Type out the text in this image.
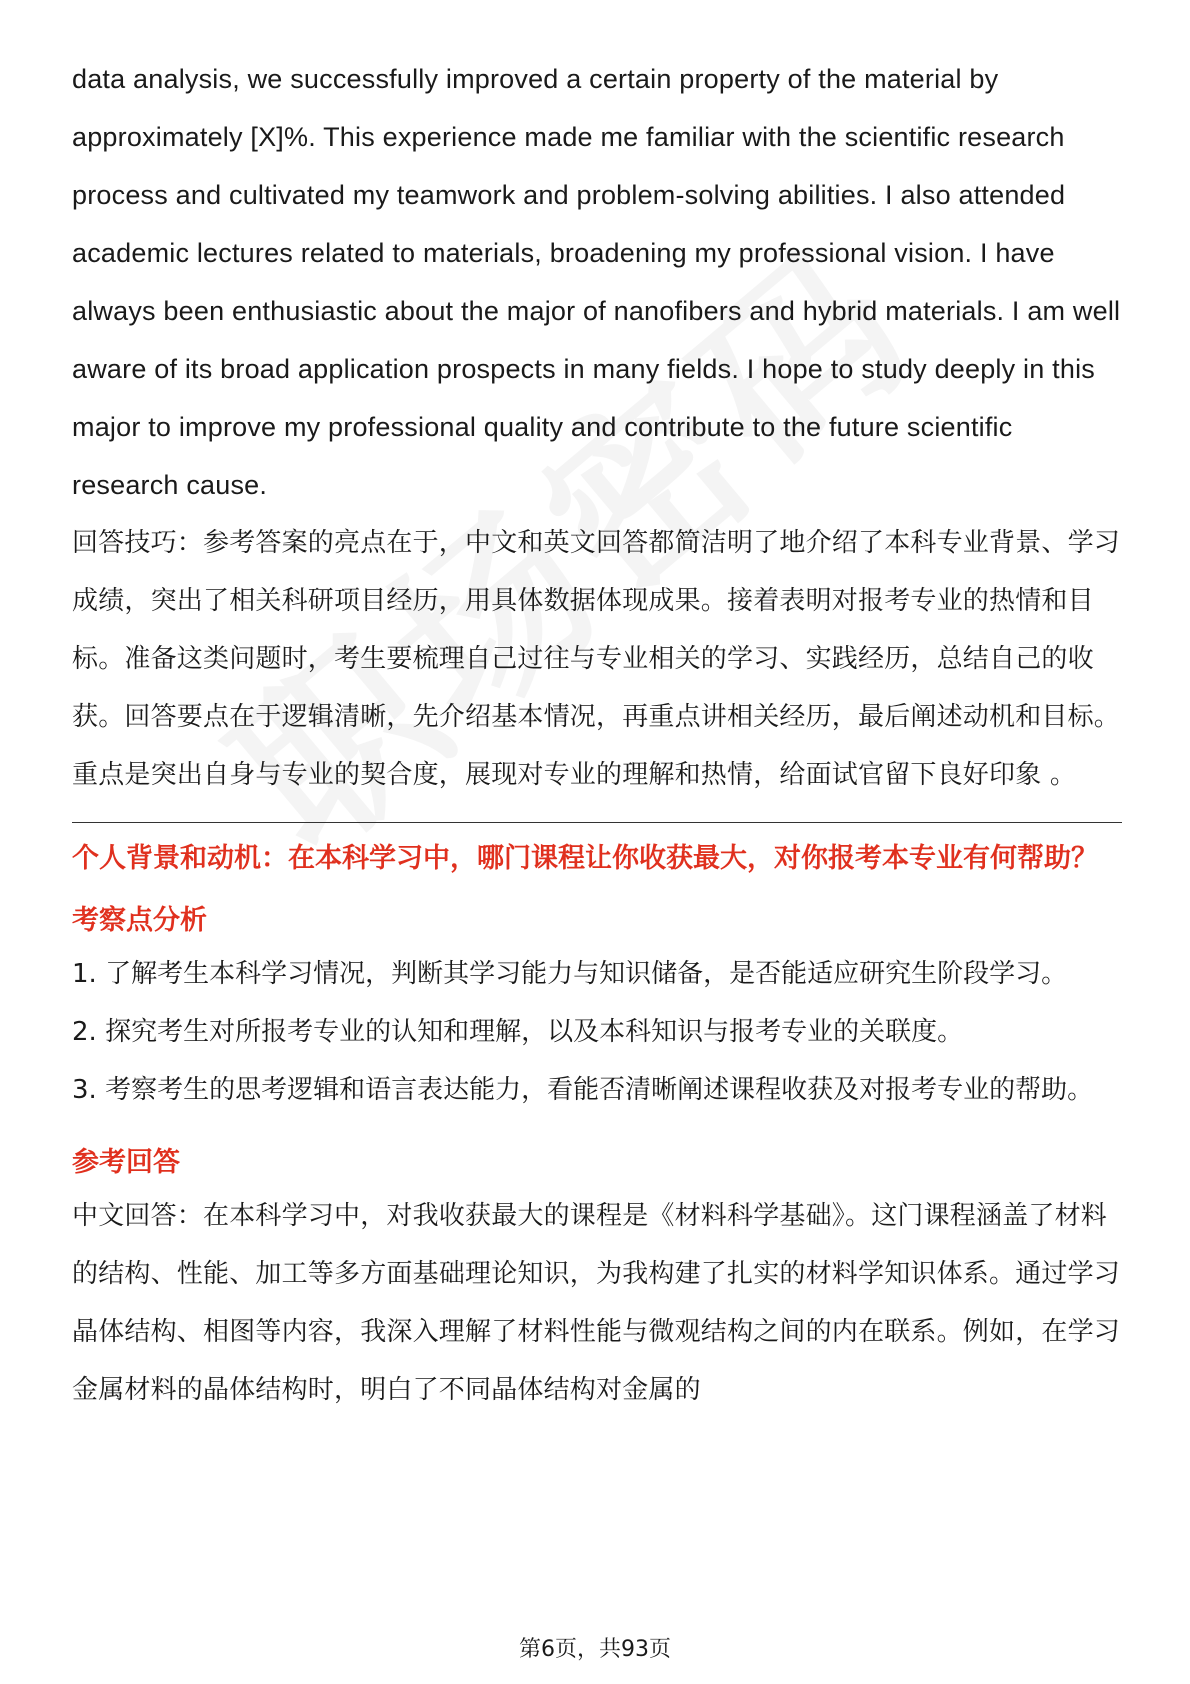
data analysis, we successfully improved a certain property of the material by approximately [X]%. This experience made me familiar with the scientific research process and cultivated my teamwork and problem-solving abilities. I also attended academic lectures related to materials, broadening my professional vision. I have always been enthusiastic about the major of nanofibers and hybrid materials. I am well aware of its broad application prospects in many fields. I hope to study deeply in this major to improve my professional quality and contribute to the future scientific research cause.

回答技巧：参考答案的亮点在于，中文和英文回答都简洁明了地介绍了本科专业背景、学习成绩，突出了相关科研项目经历，用具体数据体现成果。接着表明对报考专业的热情和目标。准备这类问题时，考生要梳理自己过往与专业相关的学习、实践经历，总结自己的收获。回答要点在于逻辑清晰，先介绍基本情况，再重点讲相关经历，最后阐述动机和目标。重点是突出自身与专业的契合度，展现对专业的理解和热情，给面试官留下良好印象 。

个人背景和动机：在本科学习中，哪门课程让你收获最大，对你报考本专业有何帮助？
考察点分析

1. 了解考生本科学习情况，判断其学习能力与知识储备，是否能适应研究生阶段学习。

2. 探究考生对所报考专业的认知和理解，以及本科知识与报考专业的关联度。

3. 考察考生的思考逻辑和语言表达能力，看能否清晰阐述课程收获及对报考专业的帮助。

参考回答

中文回答：在本科学习中，对我收获最大的课程是《材料科学基础》。这门课程涵盖了材料的结构、性能、加工等多方面基础理论知识，为我构建了扎实的材料学知识体系。通过学习晶体结构、相图等内容，我深入理解了材料性能与微观结构之间的内在联系。例如，在学习金属材料的晶体结构时，明白了不同晶体结构对金属的

第6页，共93页
